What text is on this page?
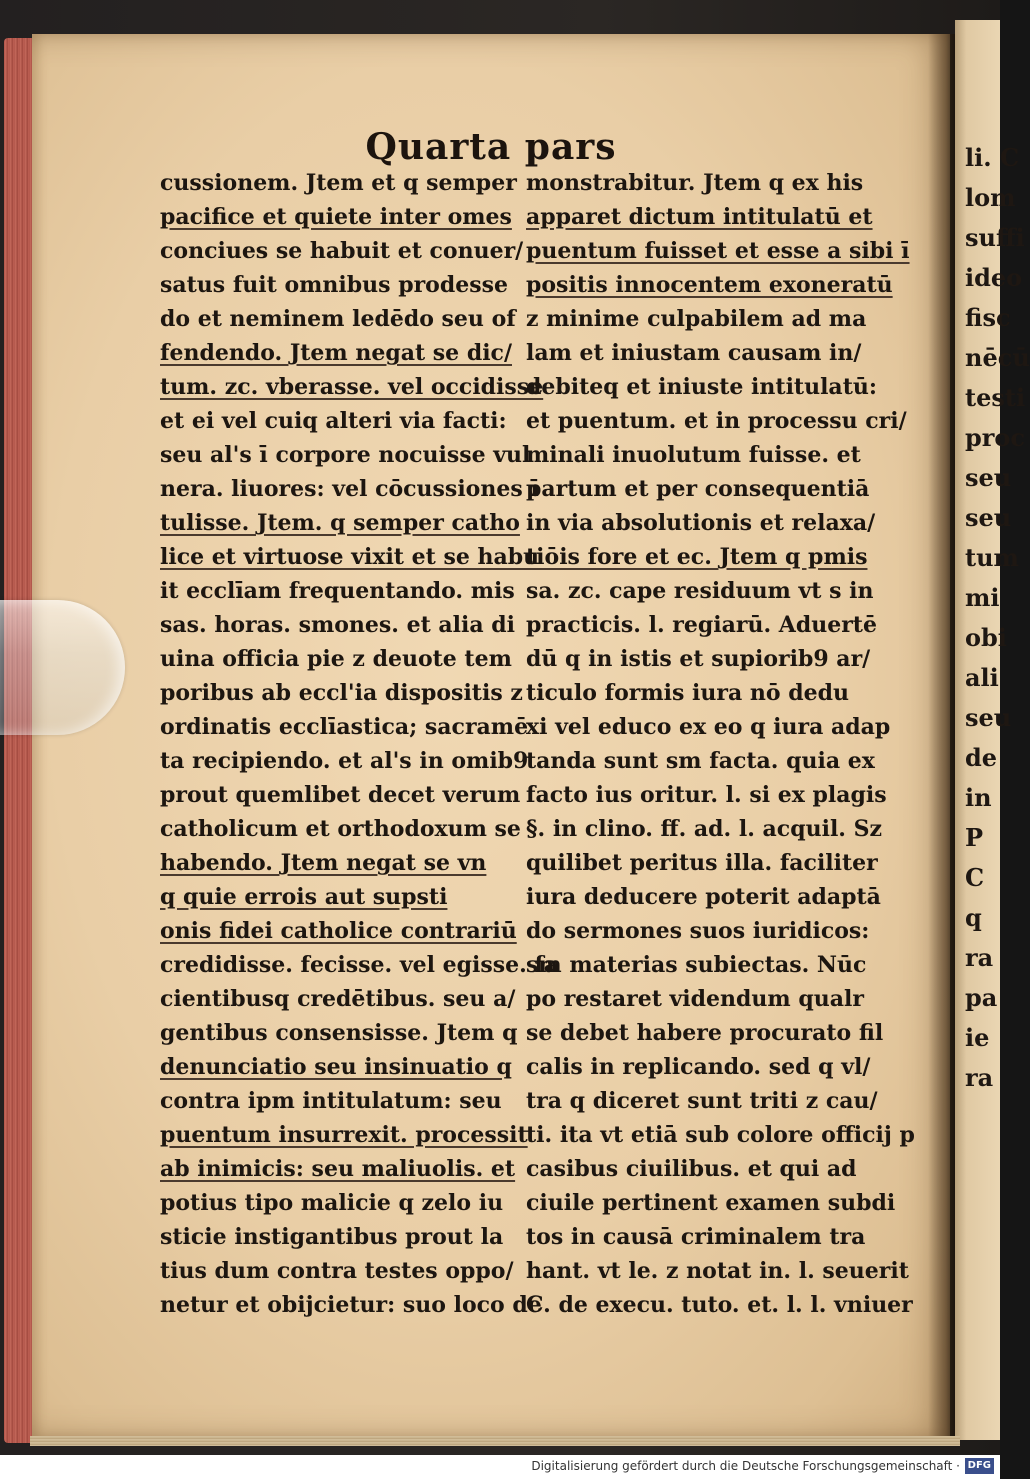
Quarta pars
cussionem. Jtem et q semper
pacifice et quiete inter omes
conciues se habuit et conuer/
satus fuit omnibus prodesse
do et neminem ledēdo seu of
fendendo. Jtem negat se dic/
tum. zc. vberasse. vel occidisse
et ei vel cuiq alteri via facti:
seu al's ī corpore nocuisse vul
nera. liuores: vel cōcussiones ī
tulisse. Jtem. q semper catho
lice et virtuose vixit et se habu
it ecclīam frequentando. mis
sas. horas. smones. et alia di
uina officia pie z deuote tem
poribus ab eccl'ia dispositis z
ordinatis ecclīastica; sacramē
ta recipiendo. et al's in omib9
prout quemlibet decet verum
catholicum et orthodoxum se
habendo. Jtem negat se vn
q quie errois aut supsti
onis fidei catholice contrariū
credidisse. fecisse. vel egisse. fa
cientibusq credētibus. seu a/
gentibus consensisse. Jtem q
denunciatio seu insinuatio q
contra ipm intitulatum: seu
puentum insurrexit. processit
ab inimicis: seu maliuolis. et
potius tipo malicie q zelo iu
sticie instigantibus prout la
tius dum contra testes oppo/
netur et obijcietur: suo loco de
monstrabitur. Jtem q ex his
apparet dictum intitulatū et
puentum fuisset et esse a sibi ī
positis innocentem exoneratū
z minime culpabilem ad ma
lam et iniustam causam in/
debiteq et iniuste intitulatū:
et puentum. et in processu cri/
minali inuolutum fuisse. et
partum et per consequentiā
in via absolutionis et relaxa/
tiōis fore et ec. Jtem q pmis
sa. zc. cape residuum vt s in
practicis. l. regiarū. Aduertē
dū q in istis et supiorib9 ar/
ticulo formis iura nō dedu
xi vel educo ex eo q iura adap
tanda sunt sm facta. quia ex
facto ius oritur. l. si ex plagis
§. in clino. ff. ad. l. acquil. Sz
quilibet peritus illa. faciliter
iura deducere poterit adaptā
do sermones suos iuridicos:
sm materias subiectas. Nūc
po restaret videndum qualr
se debet habere procurato fil
calis in replicando. sed q vl/
tra q diceret sunt triti z cau/
ti. ita vt etiā sub colore officij p
casibus ciuilibus. et qui ad
ciuile pertinent examen subdi
tos in causā criminalem tra
hant. vt le. z notat in. l. seuerit
C. de execu. tuto. et. l. l. vniuer
li. C
lom
suffi
ideo
fisc
nēcū
testi
proc
seu
seu
tum
mi
obi
ali
seu
de
in
P
C
q
ra
pa
ie
ra
Digitalisierung gefördert durch die Deutsche Forschungsgemeinschaft · DFG
